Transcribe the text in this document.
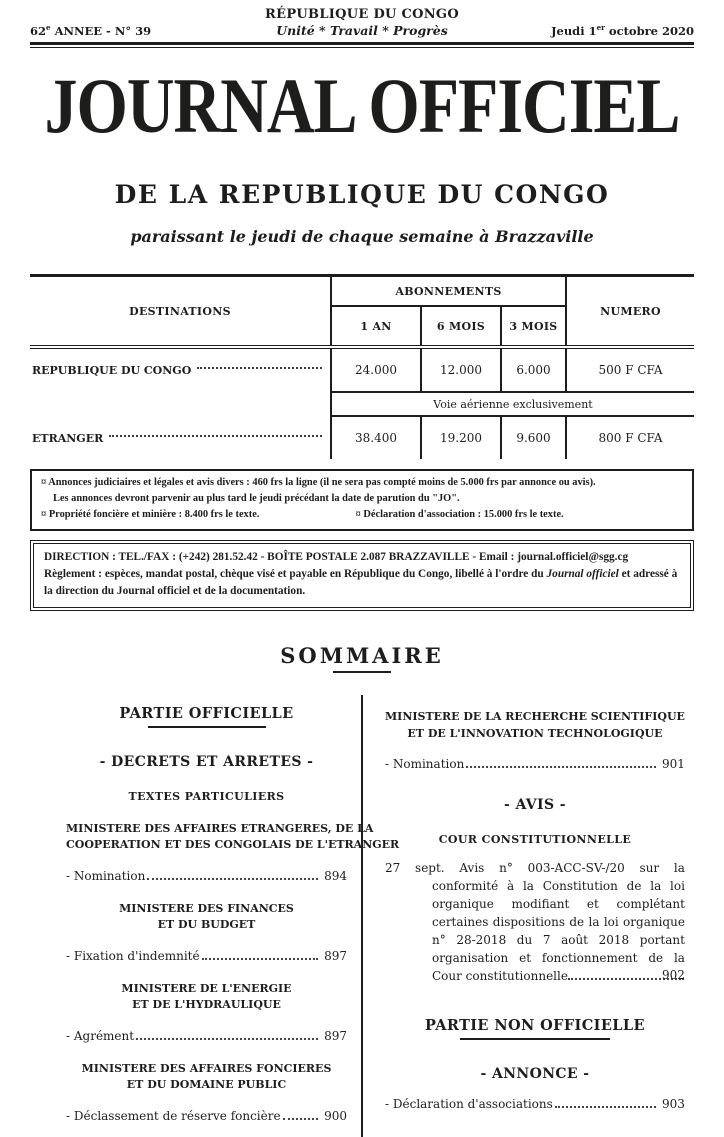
RÉPUBLIQUE DU CONGO
62e ANNEE - N° 39	Unité * Travail * Progrès	Jeudi 1er octobre 2020
JOURNAL OFFICIEL
DE LA REPUBLIQUE DU CONGO
paraissant le jeudi de chaque semaine à Brazzaville
DESTINATIONS
ABONNEMENTS
1 AN	6 MOIS	3 MOIS
NUMERO
REPUBLIQUE DU CONGO	24.000	12.000	6.000	500 F CFA
Voie aérienne exclusivement
ETRANGER	38.400	19.200	9.600	800 F CFA
¤ Annonces judiciaires et légales et avis divers : 460 frs la ligne (il ne sera pas compté moins de 5.000 frs par annonce ou avis).
Les annonces devront parvenir au plus tard le jeudi précédant la date de parution du "JO".
¤ Propriété foncière et minière : 8.400 frs le texte.	¤ Déclaration d'association : 15.000 frs le texte.
DIRECTION : TEL./FAX : (+242) 281.52.42 - BOÎTE POSTALE 2.087 BRAZZAVILLE - Email : journal.officiel@sgg.cg
Règlement : espèces, mandat postal, chèque visé et payable en République du Congo, libellé à l'ordre du Journal officiel et adressé à la direction du Journal officiel et de la documentation.
SOMMAIRE
PARTIE OFFICIELLE
- DECRETS ET ARRETES -
TEXTES PARTICULIERS
MINISTERE DES AFFAIRES ETRANGERES, DE LA
COOPERATION ET DES CONGOLAIS DE L'ETRANGER
- Nomination	894
MINISTERE DES FINANCES
ET DU BUDGET
- Fixation d'indemnité	897
MINISTERE DE L'ENERGIE
ET DE L'HYDRAULIQUE
- Agrément	897
MINISTERE DES AFFAIRES FONCIERES
ET DU DOMAINE PUBLIC
- Déclassement de réserve foncière	900
MINISTERE DE LA RECHERCHE SCIENTIFIQUE
ET DE L'INNOVATION TECHNOLOGIQUE
- Nomination	901
- AVIS -
COUR CONSTITUTIONNELLE
27 sept. Avis n° 003-ACC-SV-/20 sur la conformité à la Constitution de la loi organique modifiant et complétant certaines dispositions de la loi organique n° 28-2018 du 7 août 2018 portant organisation et fonctionnement de la Cour constitutionnelle	902
PARTIE NON OFFICIELLE
- ANNONCE -
- Déclaration d'associations	903
